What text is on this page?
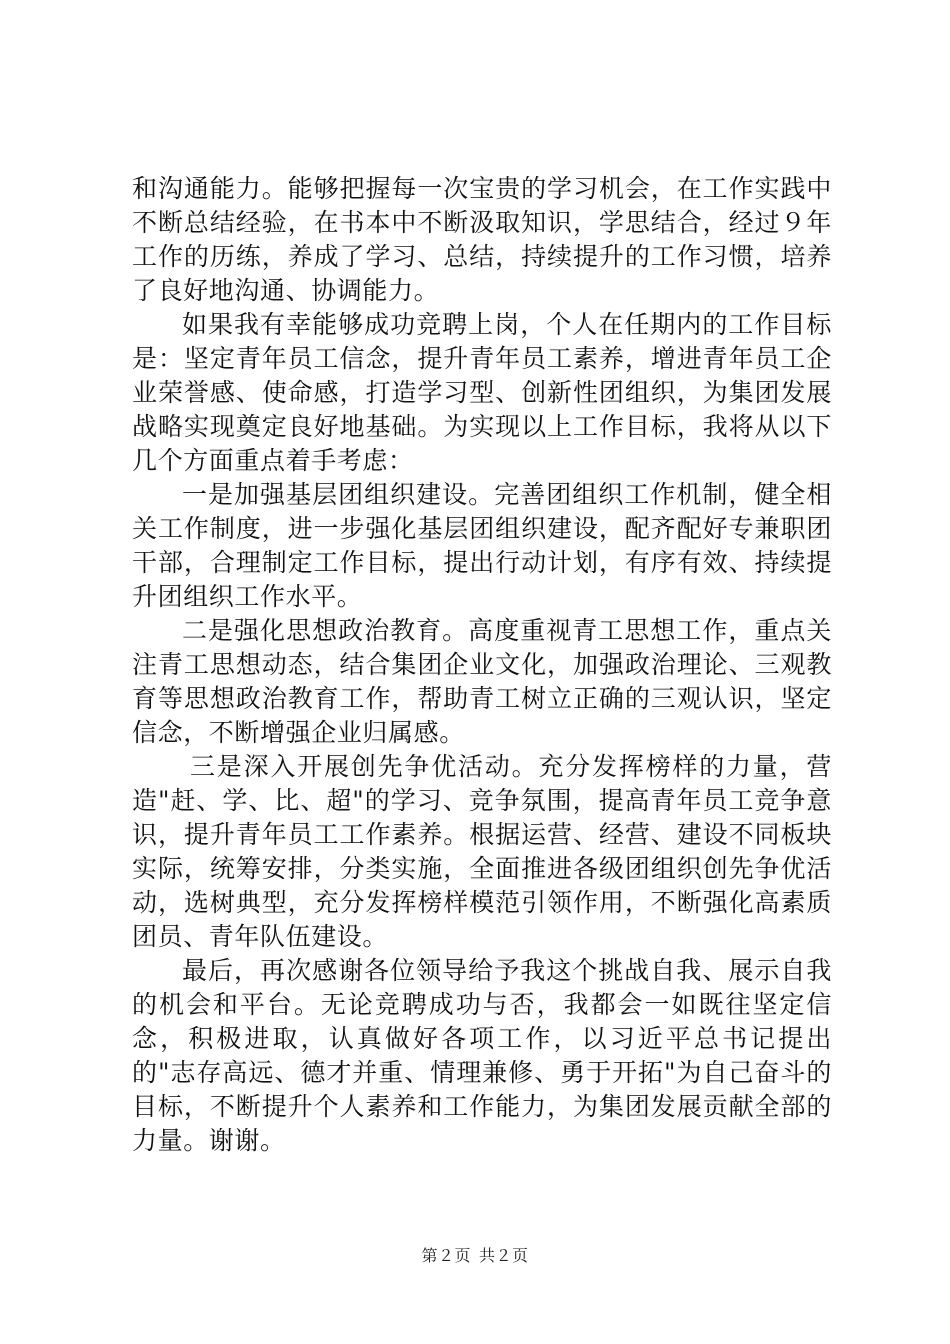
和沟通能力。能够把握每一次宝贵的学习机会，在工作实践中不断总结经验，在书本中不断汲取知识，学思结合，经过９年工作的历练，养成了学习、总结，持续提升的工作习惯，培养了良好地沟通、协调能力。

如果我有幸能够成功竞聘上岗，个人在任期内的工作目标是：坚定青年员工信念，提升青年员工素养，增进青年员工企业荣誉感、使命感，打造学习型、创新性团组织，为集团发展战略实现奠定良好地基础。为实现以上工作目标，我将从以下几个方面重点着手考虑：

一是加强基层团组织建设。完善团组织工作机制，健全相关工作制度，进一步强化基层团组织建设，配齐配好专兼职团干部，合理制定工作目标，提出行动计划，有序有效、持续提升团组织工作水平。

二是强化思想政治教育。高度重视青工思想工作，重点关注青工思想动态，结合集团企业文化，加强政治理论、三观教育等思想政治教育工作，帮助青工树立正确的三观认识，坚定信念，不断增强企业归属感。

三是深入开展创先争优活动。充分发挥榜样的力量，营造"赶、学、比、超"的学习、竞争氛围，提高青年员工竞争意识，提升青年员工工作素养。根据运营、经营、建设不同板块实际，统筹安排，分类实施，全面推进各级团组织创先争优活动，选树典型，充分发挥榜样模范引领作用，不断强化高素质团员、青年队伍建设。

最后，再次感谢各位领导给予我这个挑战自我、展示自我的机会和平台。无论竞聘成功与否，我都会一如既往坚定信念，积极进取，认真做好各项工作，以习近平总书记提出的"志存高远、德才并重、情理兼修、勇于开拓"为自己奋斗的目标，不断提升个人素养和工作能力，为集团发展贡献全部的力量。谢谢。

第２页 共２页
